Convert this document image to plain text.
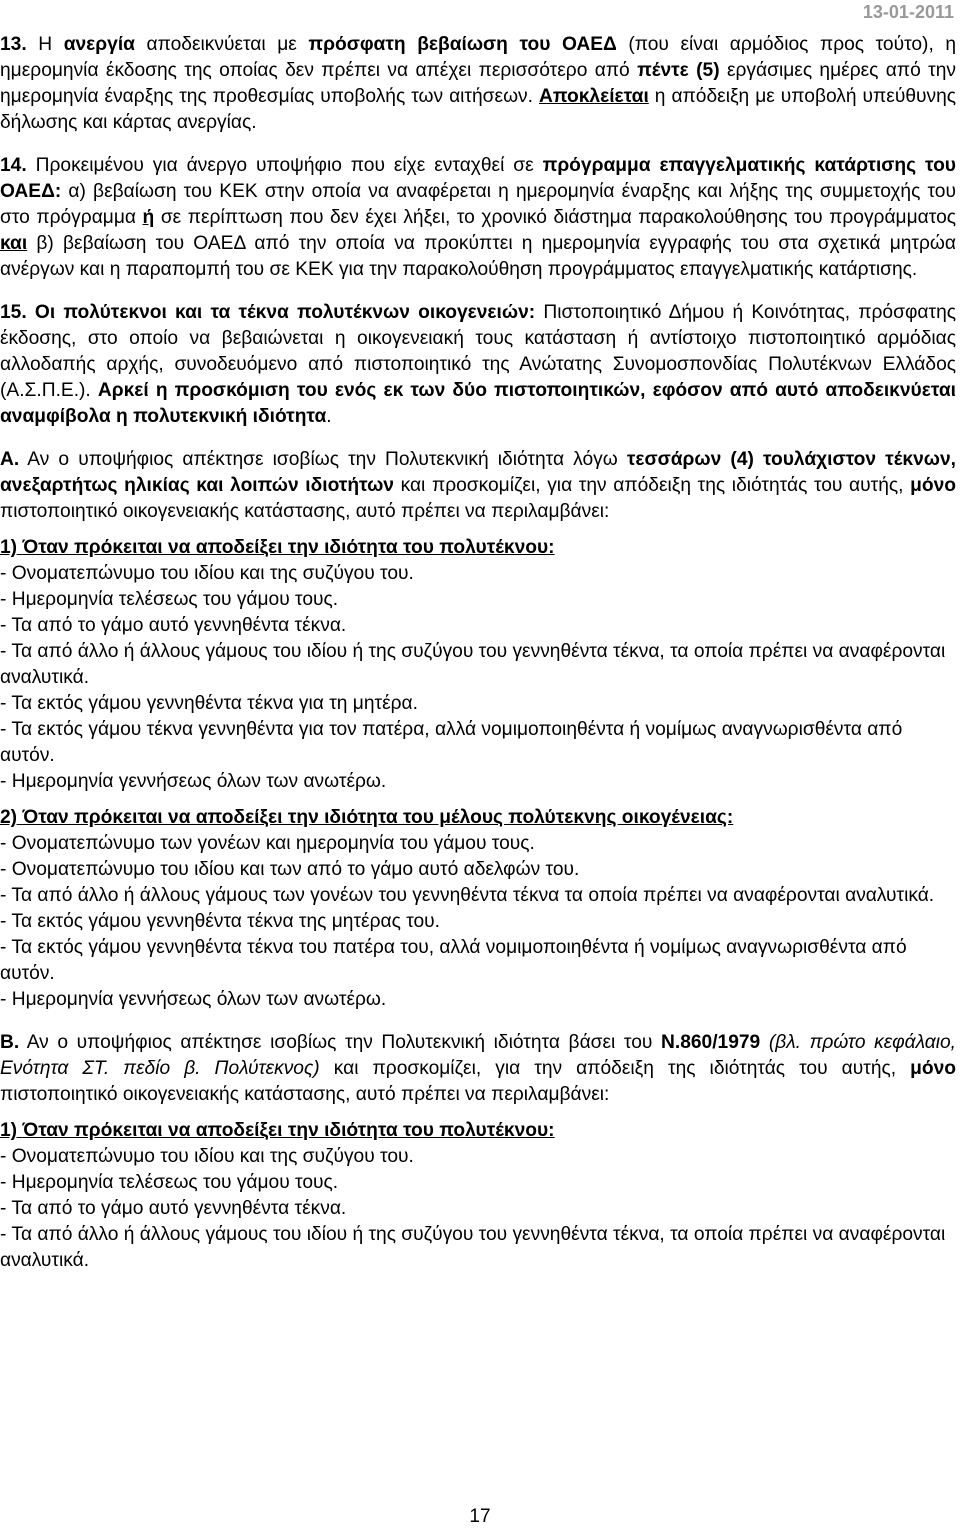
13-01-2011

13. Η ανεργία αποδεικνύεται με πρόσφατη βεβαίωση του ΟΑΕΔ (που είναι αρμόδιος προς τούτο), η ημερομηνία έκδοσης της οποίας δεν πρέπει να απέχει περισσότερο από πέντε (5) εργάσιμες ημέρες από την ημερομηνία έναρξης της προθεσμίας υποβολής των αιτήσεων. Αποκλείεται η απόδειξη με υποβολή υπεύθυνης δήλωσης και κάρτας ανεργίας.

14. Προκειμένου για άνεργο υποψήφιο που είχε ενταχθεί σε πρόγραμμα επαγγελματικής κατάρτισης του ΟΑΕΔ: α) βεβαίωση του ΚΕΚ στην οποία να αναφέρεται η ημερομηνία έναρξης και λήξης της συμμετοχής του στο πρόγραμμα ή σε περίπτωση που δεν έχει λήξει, το χρονικό διάστημα παρακολούθησης του προγράμματος και β) βεβαίωση του ΟΑΕΔ από την οποία να προκύπτει η ημερομηνία εγγραφής του στα σχετικά μητρώα ανέργων και η παραπομπή του σε ΚΕΚ για την παρακολούθηση προγράμματος επαγγελματικής κατάρτισης.

15. Οι πολύτεκνοι και τα τέκνα πολυτέκνων οικογενειών: Πιστοποιητικό Δήμου ή Κοινότητας, πρόσφατης έκδοσης, στο οποίο να βεβαιώνεται η οικογενειακή τους κατάσταση ή αντίστοιχο πιστοποιητικό αρμόδιας αλλοδαπής αρχής, συνοδευόμενο από πιστοποιητικό της Ανώτατης Συνομοσπονδίας Πολυτέκνων Ελλάδος (Α.Σ.Π.Ε.). Αρκεί η προσκόμιση του ενός εκ των δύο πιστοποιητικών, εφόσον από αυτό αποδεικνύεται αναμφίβολα η πολυτεκνική ιδιότητα.

Α. Αν ο υποψήφιος απέκτησε ισοβίως την Πολυτεκνική ιδιότητα λόγω τεσσάρων (4) τουλάχιστον τέκνων, ανεξαρτήτως ηλικίας και λοιπών ιδιοτήτων και προσκομίζει, για την απόδειξη της ιδιότητάς του αυτής, μόνο πιστοποιητικό οικογενειακής κατάστασης, αυτό πρέπει να περιλαμβάνει:

1) Όταν πρόκειται να αποδείξει την ιδιότητα του πολυτέκνου:

- Ονοματεπώνυμο του ιδίου και της συζύγου του.

- Ημερομηνία τελέσεως του γάμου τους.

- Τα από το γάμο αυτό γεννηθέντα τέκνα.

- Τα από άλλο ή άλλους γάμους του ιδίου ή της συζύγου του γεννηθέντα τέκνα, τα οποία πρέπει να αναφέρονται αναλυτικά.

- Τα εκτός γάμου γεννηθέντα τέκνα για τη μητέρα.

- Τα εκτός γάμου τέκνα γεννηθέντα για τον πατέρα, αλλά νομιμοποιηθέντα ή νομίμως αναγνωρισθέντα από αυτόν.

- Ημερομηνία γεννήσεως όλων των ανωτέρω.

2) Όταν πρόκειται να αποδείξει την ιδιότητα του μέλους πολύτεκνης οικογένειας:

- Ονοματεπώνυμο των γονέων και ημερομηνία του γάμου τους.

- Ονοματεπώνυμο του ιδίου και των από το γάμο αυτό αδελφών του.

- Τα από άλλο ή άλλους γάμους των γονέων του γεννηθέντα τέκνα τα οποία πρέπει να αναφέρονται αναλυτικά.

- Τα εκτός γάμου γεννηθέντα τέκνα της μητέρας του.

- Τα εκτός γάμου γεννηθέντα τέκνα του πατέρα του, αλλά νομιμοποιηθέντα ή νομίμως αναγνωρισθέντα από αυτόν.

- Ημερομηνία γεννήσεως όλων των ανωτέρω.

Β. Αν ο υποψήφιος απέκτησε ισοβίως την Πολυτεκνική ιδιότητα βάσει του Ν.860/1979 (βλ. πρώτο κεφάλαιο, Ενότητα ΣΤ. πεδίο β. Πολύτεκνος) και προσκομίζει, για την απόδειξη της ιδιότητάς του αυτής, μόνο πιστοποιητικό οικογενειακής κατάστασης, αυτό πρέπει να περιλαμβάνει:

1) Όταν πρόκειται να αποδείξει την ιδιότητα του πολυτέκνου:

- Ονοματεπώνυμο του ιδίου και της συζύγου του.

- Ημερομηνία τελέσεως του γάμου τους.

- Τα από το γάμο αυτό γεννηθέντα τέκνα.

- Τα από άλλο ή άλλους γάμους του ιδίου ή της συζύγου του γεννηθέντα τέκνα, τα οποία πρέπει να αναφέρονται αναλυτικά.

17
